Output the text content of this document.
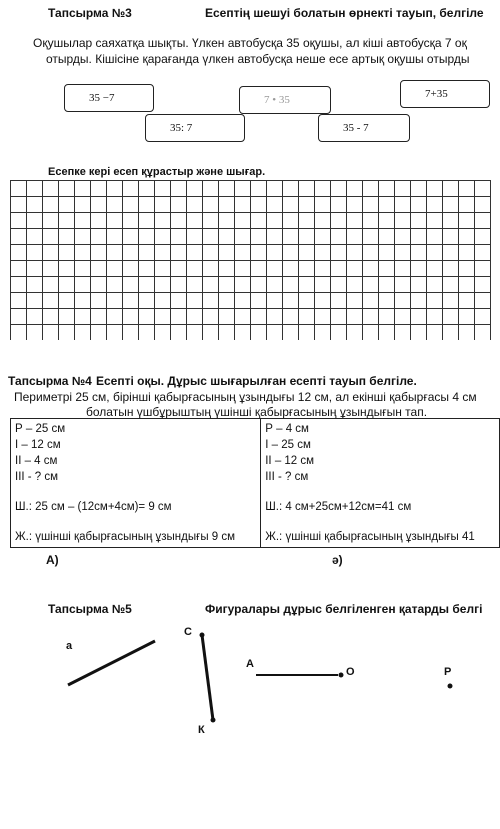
Тапсырма №3	Есептің шешуі болатын өрнекті тауып, белгіле
Оқушылар саяхатқа шықты. Үлкен автобусқа 35 оқушы, ал кіші автобусқа 7 оқ
отырды. Кішісіне қарағанда үлкен автобусқа неше есе артық оқушы отырды
35 −7	7 • 35	7+35
35: 7	35 - 7
Есепке кері есеп құрастыр және шығар.
Тапсырма №4 Есепті оқы. Дұрыс шығарылған есепті тауып белгіле.
Периметрі 25 см, бірінші қабырғасының ұзындығы 12 см, ал екінші қабырғасы 4 см
болатын үшбұрыштың үшінші қабырғасының ұзындығын тап.
Р – 25 см
І – 12 см
ІІ – 4 см
ІІІ - ? см
Ш.: 25 см – (12см+4см)= 9 см
Ж.: үшінші қабырғасының ұзындығы 9 см

Р – 4 см
І – 25 см
ІІ – 12 см
ІІІ - ? см
Ш.: 4 см+25см+12см=41 см
Ж.: үшінші қабырғасының ұзындығы 41
А)	ә)
Тапсырма №5	Фигуралары дұрыс белгіленген қатарды белгі
а
С
К
А
О	Р
